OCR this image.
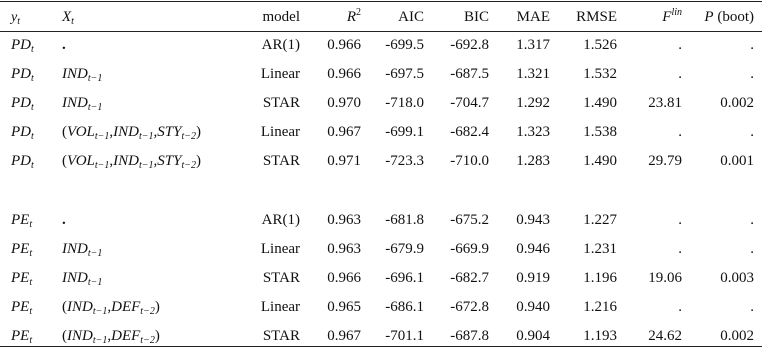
$y_t$	$X_t$	model	$R^2$	AIC	BIC	MAE	RMSE	$F^{lin}$	P (boot)
$PD_t$	.	AR(1)	0.966	-699.5	-692.8	1.317	1.526	.	.
$PD_t$	$IND_{t-1}$	Linear	0.966	-697.5	-687.5	1.321	1.532	.	.
$PD_t$	$IND_{t-1}$	STAR	0.970	-718.0	-704.7	1.292	1.490	23.81	0.002
$PD_t$	$(VOL_{t-1},IND_{t-1},STY_{t-2})$	Linear	0.967	-699.1	-682.4	1.323	1.538	.	.
$PD_t$	$(VOL_{t-1},IND_{t-1},STY_{t-2})$	STAR	0.971	-723.3	-710.0	1.283	1.490	29.79	0.001

$PE_t$	.	AR(1)	0.963	-681.8	-675.2	0.943	1.227	.	.
$PE_t$	$IND_{t-1}$	Linear	0.963	-679.9	-669.9	0.946	1.231	.	.
$PE_t$	$IND_{t-1}$	STAR	0.966	-696.1	-682.7	0.919	1.196	19.06	0.003
$PE_t$	$(IND_{t-1},DEF_{t-2})$	Linear	0.965	-686.1	-672.8	0.940	1.216	.	.
$PE_t$	$(IND_{t-1},DEF_{t-2})$	STAR	0.967	-701.1	-687.8	0.904	1.193	24.62	0.002
